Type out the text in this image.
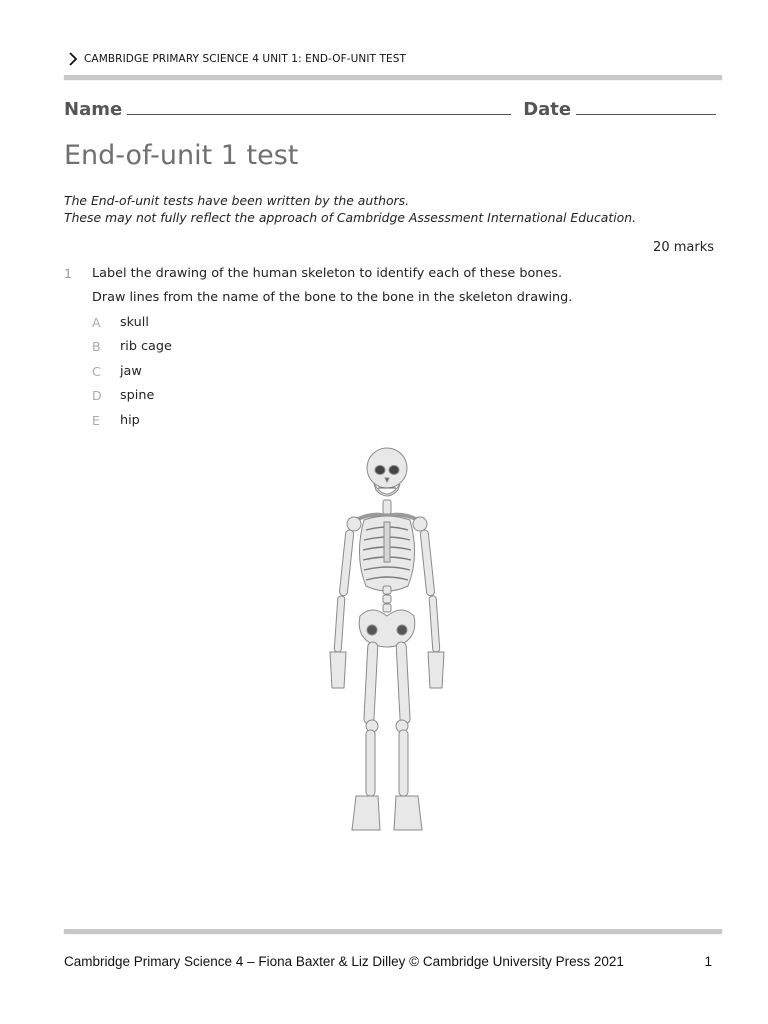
CAMBRIDGE PRIMARY SCIENCE 4 UNIT 1: END-OF-UNIT TEST
Name	Date
End-of-unit 1 test
The End-of-unit tests have been written by the authors.
These may not fully reflect the approach of Cambridge Assessment International Education.
20 marks
1 Label the drawing of the human skeleton to identify each of these bones.
Draw lines from the name of the bone to the bone in the skeleton drawing.
A skull
B rib cage
C jaw
D spine
E hip
Cambridge Primary Science 4 – Fiona Baxter & Liz Dilley © Cambridge University Press 2021	1
